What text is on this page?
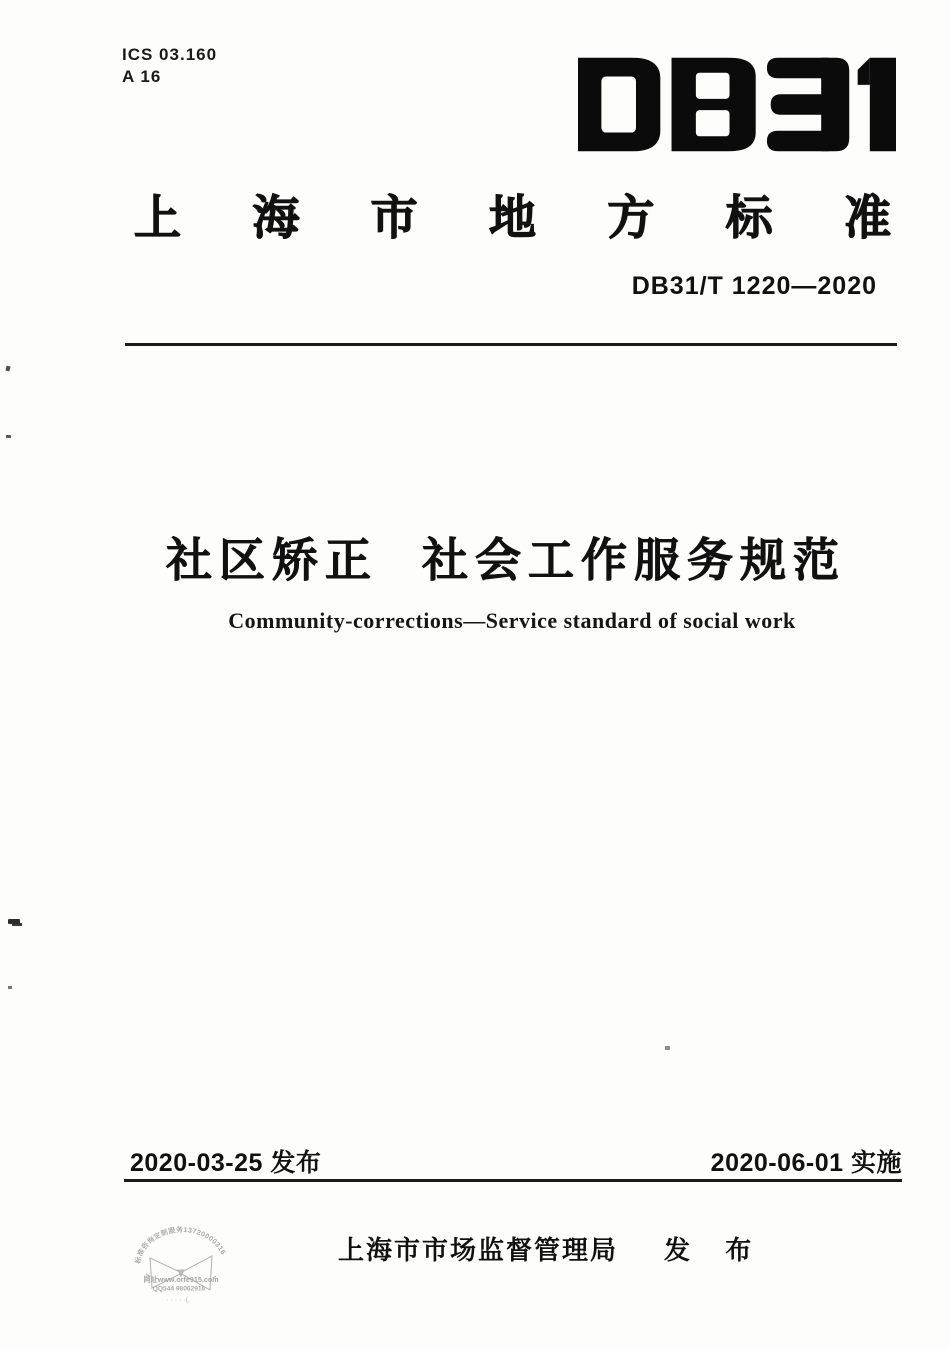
ICS 03.160
A 16
上 海 市 地 方 标 准
DB31/T 1220—2020
社区矫正 社会工作服务规范
Community-corrections—Service standard of social work
2020-03-25 发布	2020-06-01 实施
上海市市场监督管理局 发 布
标准咨询定制服务13720000316
网址www.orfe915.com
QQ544 98062916
· · · · ·(.
